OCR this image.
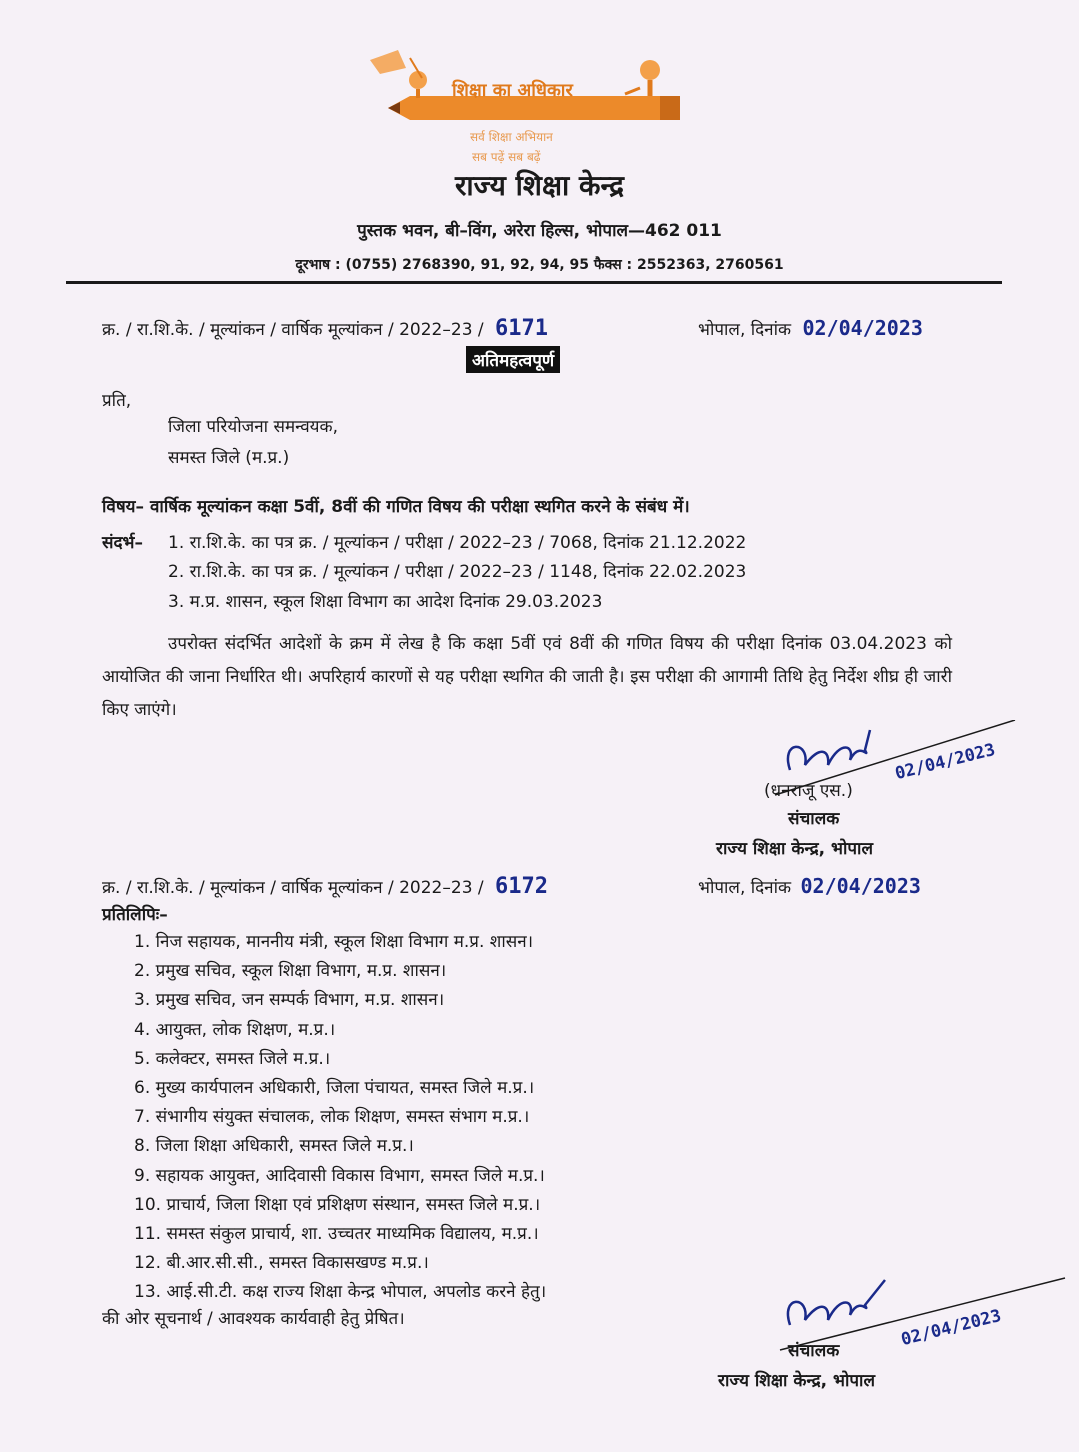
शिक्षा का अधिकार
सर्व शिक्षा अभियान
सब पढ़ें सब बढ़ें
राज्य शिक्षा केन्द्र
पुस्तक भवन, बी–विंग, अरेरा हिल्स, भोपाल—462 011
दूरभाष : (0755) 2768390, 91, 92, 94, 95 फैक्स : 2552363, 2760561
क्र. / रा.शि.के. / मूल्यांकन / वार्षिक मूल्यांकन / 2022–23 / 6171	भोपाल, दिनांक 02/04/2023
अतिमहत्वपूर्ण
प्रति,
जिला परियोजना समन्वयक,
समस्त जिले (म.प्र.)
विषय– वार्षिक मूल्यांकन कक्षा 5वीं, 8वीं की गणित विषय की परीक्षा स्थगित करने के संबंध में।
संदर्भ– 1. रा.शि.के. का पत्र क्र. / मूल्यांकन / परीक्षा / 2022–23 / 7068, दिनांक 21.12.2022
2. रा.शि.के. का पत्र क्र. / मूल्यांकन / परीक्षा / 2022–23 / 1148, दिनांक 22.02.2023
3. म.प्र. शासन, स्कूल शिक्षा विभाग का आदेश दिनांक 29.03.2023
उपरोक्त संदर्भित आदेशों के क्रम में लेख है कि कक्षा 5वीं एवं 8वीं की गणित विषय की परीक्षा दिनांक 03.04.2023 को आयोजित की जाना निर्धारित थी। अपरिहार्य कारणों से यह परीक्षा स्थगित की जाती है। इस परीक्षा की आगामी तिथि हेतु निर्देश शीघ्र ही जारी किए जाएंगे।
02/04/2023
(धनराजू एस.)
संचालक
राज्य शिक्षा केन्द्र, भोपाल
क्र. / रा.शि.के. / मूल्यांकन / वार्षिक मूल्यांकन / 2022–23 / 6172	भोपाल, दिनांक 02/04/2023
प्रतिलिपिः–
1. निज सहायक, माननीय मंत्री, स्कूल शिक्षा विभाग म.प्र. शासन।
2. प्रमुख सचिव, स्कूल शिक्षा विभाग, म.प्र. शासन।
3. प्रमुख सचिव, जन सम्पर्क विभाग, म.प्र. शासन।
4. आयुक्त, लोक शिक्षण, म.प्र.।
5. कलेक्टर, समस्त जिले म.प्र.।
6. मुख्य कार्यपालन अधिकारी, जिला पंचायत, समस्त जिले म.प्र.।
7. संभागीय संयुक्त संचालक, लोक शिक्षण, समस्त संभाग म.प्र.।
8. जिला शिक्षा अधिकारी, समस्त जिले म.प्र.।
9. सहायक आयुक्त, आदिवासी विकास विभाग, समस्त जिले म.प्र.।
10. प्राचार्य, जिला शिक्षा एवं प्रशिक्षण संस्थान, समस्त जिले म.प्र.।
11. समस्त संकुल प्राचार्य, शा. उच्चतर माध्यमिक विद्यालय, म.प्र.।
12. बी.आर.सी.सी., समस्त विकासखण्ड म.प्र.।
13. आई.सी.टी. कक्ष राज्य शिक्षा केन्द्र भोपाल, अपलोड करने हेतु।
की ओर सूचनार्थ / आवश्यक कार्यवाही हेतु प्रेषित।	02/04/2023
संचालक
राज्य शिक्षा केन्द्र, भोपाल
